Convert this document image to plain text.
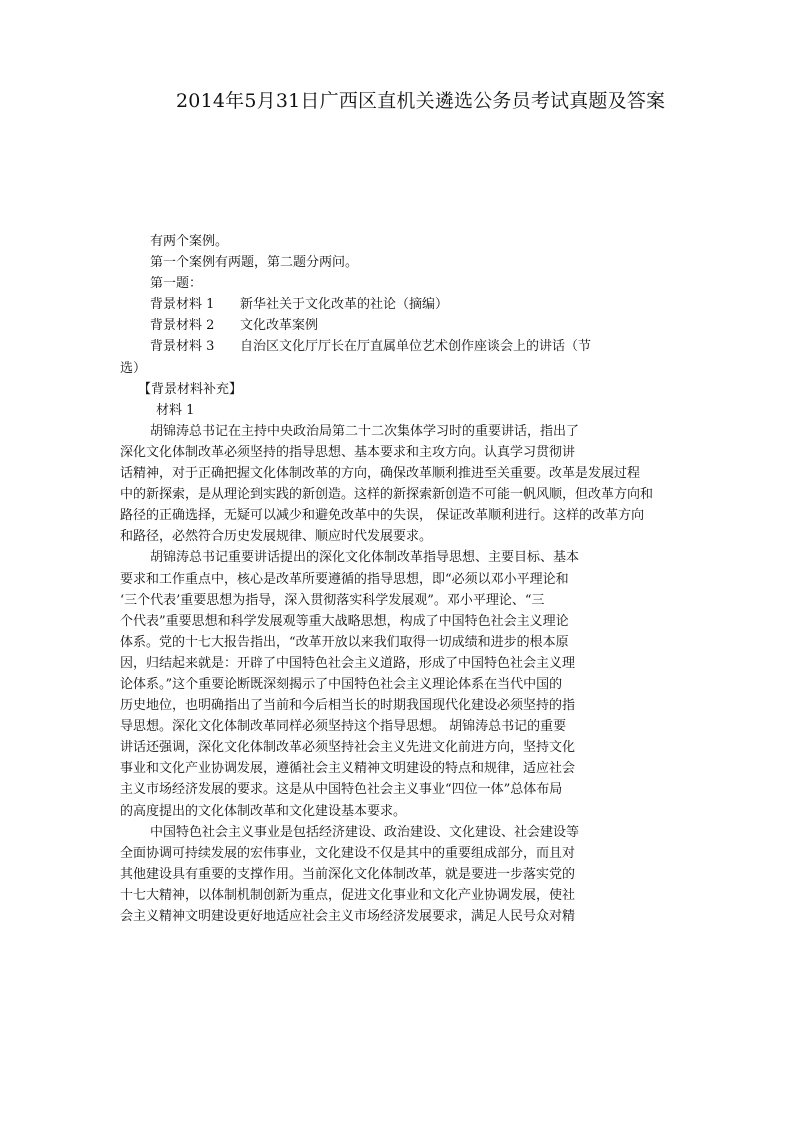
2014年5月31日广西区直机关遴选公务员考试真题及答案
有两个案例。
第一个案例有两题，第二题分两问。
第一题：
背景材料 1 新华社关于文化改革的社论（摘编）
背景材料 2 文化改革案例
背景材料 3 自治区文化厅厅长在厅直属单位艺术创作座谈会上的讲话（节
选）
【背景材料补充】
材料 1
胡锦涛总书记在主持中央政治局第二十二次集体学习时的重要讲话，指出了
深化文化体制改革必须坚持的指导思想、基本要求和主攻方向。认真学习贯彻讲
话精神，对于正确把握文化体制改革的方向，确保改革顺利推进至关重要。改革是发展过程
中的新探索，是从理论到实践的新创造。这样的新探索新创造不可能一帆风顺，但改革方向和
路径的正确选择，无疑可以减少和避免改革中的失误， 保证改革顺利进行。这样的改革方向
和路径，必然符合历史发展规律、顺应时代发展要求。
胡锦涛总书记重要讲话提出的深化文化体制改革指导思想、主要目标、基本
要求和工作重点中，核心是改革所要遵循的指导思想，即“必须以邓小平理论和
‘三个代表’重要思想为指导，深入贯彻落实科学发展观”。邓小平理论、“三
个代表”重要思想和科学发展观等重大战略思想，构成了中国特色社会主义理论
体系。党的十七大报告指出，“改革开放以来我们取得一切成绩和进步的根本原
因，归结起来就是：开辟了中国特色社会主义道路，形成了中国特色社会主义理
论体系。”这个重要论断既深刻揭示了中国特色社会主义理论体系在当代中国的
历史地位，也明确指出了当前和今后相当长的时期我国现代化建设必须坚持的指
导思想。深化文化体制改革同样必须坚持这个指导思想。 胡锦涛总书记的重要
讲话还强调，深化文化体制改革必须坚持社会主义先进文化前进方向，坚持文化
事业和文化产业协调发展，遵循社会主义精神文明建设的特点和规律，适应社会
主义市场经济发展的要求。这是从中国特色社会主义事业“四位一体”总体布局
的高度提出的文化体制改革和文化建设基本要求。
中国特色社会主义事业是包括经济建设、政治建设、文化建设、社会建设等
全面协调可持续发展的宏伟事业，文化建设不仅是其中的重要组成部分，而且对
其他建设具有重要的支撑作用。当前深化文化体制改革，就是要进一步落实党的
十七大精神，以体制机制创新为重点，促进文化事业和文化产业协调发展，使社
会主义精神文明建设更好地适应社会主义市场经济发展要求，满足人民号众对精
